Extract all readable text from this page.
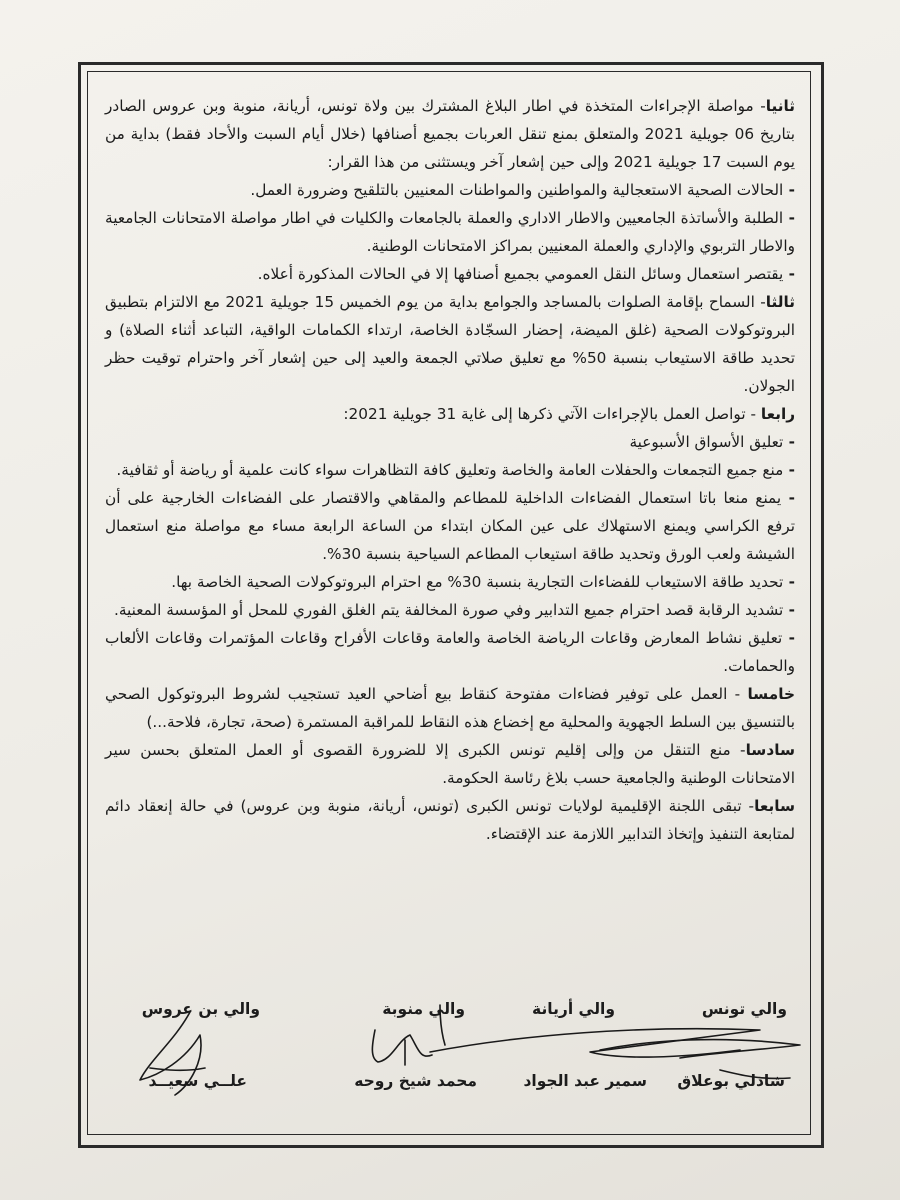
ثانيا- مواصلة الإجراءات المتخذة في اطار البلاغ المشترك بين ولاة تونس، أريانة، منوبة وبن عروس الصادر بتاريخ 06 جويلية 2021 والمتعلق بمنع تنقل العربات بجميع أصنافها (خلال أيام السبت والأحاد فقط) بداية من يوم السبت 17 جويلية 2021 وإلى حين إشعار آخر ويستثنى من هذا القرار:

- الحالات الصحية الاستعجالية والمواطنين والمواطنات المعنيين بالتلقيح وضرورة العمل.

- الطلبة والأساتذة الجامعيين والاطار الاداري والعملة بالجامعات والكليات في اطار مواصلة الامتحانات الجامعية والاطار التربوي والإداري والعملة المعنيين بمراكز الامتحانات الوطنية.

- يقتصر استعمال وسائل النقل العمومي بجميع أصنافها إلا في الحالات المذكورة أعلاه.

ثالثا- السماح بإقامة الصلوات بالمساجد والجوامع بداية من يوم الخميس 15 جويلية 2021 مع الالتزام بتطبيق البروتوكولات الصحية (غلق الميضة، إحضار السجّادة الخاصة، ارتداء الكمامات الواقية، التباعد أثناء الصلاة) و تحديد طاقة الاستيعاب بنسبة 50% مع تعليق صلاتي الجمعة والعيد إلى حين إشعار آخر واحترام توقيت حظر الجولان.

رابعا - تواصل العمل بالإجراءات الآتي ذكرها إلى غاية 31 جويلية 2021:

- تعليق الأسواق الأسبوعية

- منع جميع التجمعات والحفلات العامة والخاصة وتعليق كافة التظاهرات سواء كانت علمية أو رياضة أو ثقافية.

- يمنع منعا باتا استعمال الفضاءات الداخلية للمطاعم والمقاهي والاقتصار على الفضاءات الخارجية على أن ترفع الكراسي ويمنع الاستهلاك على عين المكان ابتداء من الساعة الرابعة مساء مع مواصلة منع استعمال الشيشة ولعب الورق وتحديد طاقة استيعاب المطاعم السياحية بنسبة 30%.

- تحديد طاقة الاستيعاب للفضاءات التجارية بنسبة 30% مع احترام البروتوكولات الصحية الخاصة بها.

- تشديد الرقابة قصد احترام جميع التدابير وفي صورة المخالفة يتم الغلق الفوري للمحل أو المؤسسة المعنية.

- تعليق نشاط المعارض وقاعات الرياضة الخاصة والعامة وقاعات الأفراح وقاعات المؤتمرات وقاعات الألعاب والحمامات.

خامسا - العمل على توفير فضاءات مفتوحة كنقاط بيع أضاحي العيد تستجيب لشروط البروتوكول الصحي بالتنسيق بين السلط الجهوية والمحلية مع إخضاع هذه النقاط للمراقبة المستمرة (صحة، تجارة، فلاحة...)

سادسا- منع التنقل من وإلى إقليم تونس الكبرى إلا للضرورة القصوى أو العمل المتعلق بحسن سير الامتحانات الوطنية والجامعية حسب بلاغ رئاسة الحكومة.

سابعا- تبقى اللجنة الإقليمية لولايات تونس الكبرى (تونس، أريانة، منوبة وبن عروس) في حالة إنعقاد دائم لمتابعة التنفيذ وإتخاذ التدابير اللازمة عند الإقتضاء.

والي تونس
شاذلي بوعلاق
والي أريانة
سمير عبد الجواد
والي منوبة
محمد شيخ روحه
والي بن عروس
علــي سعيــد
